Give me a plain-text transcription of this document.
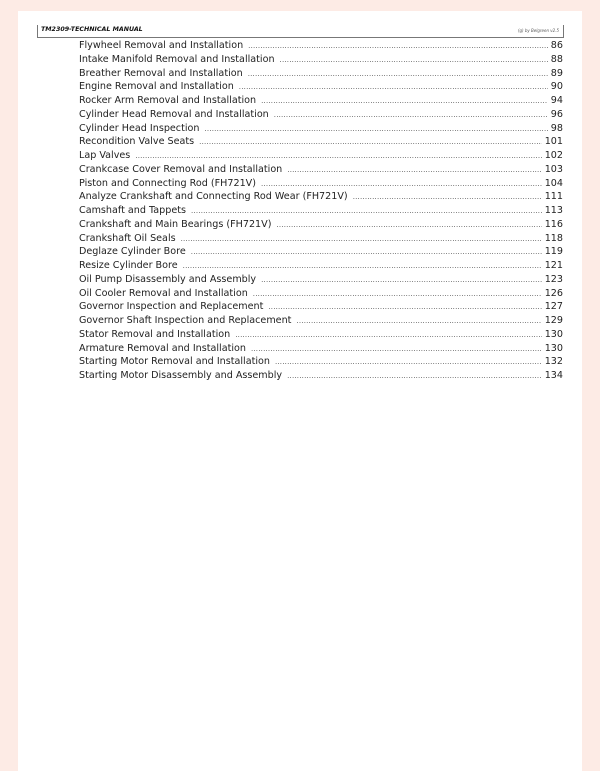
TM2309-TECHNICAL MANUAL	(g) by Belgreen v2.5
Flywheel Removal and Installation .....	86
Intake Manifold Removal and Installation .....	88
Breather Removal and Installation .....	89
Engine Removal and Installation .....	90
Rocker Arm Removal and Installation .....	94
Cylinder Head Removal and Installation .....	96
Cylinder Head Inspection .....	98
Recondition Valve Seats .....	101
Lap Valves .....	102
Crankcase Cover Removal and Installation .....	103
Piston and Connecting Rod (FH721V) .....	104
Analyze Crankshaft and Connecting Rod Wear (FH721V) .....	111
Camshaft and Tappets .....	113
Crankshaft and Main Bearings (FH721V) .....	116
Crankshaft Oil Seals .....	118
Deglaze Cylinder Bore .....	119
Resize Cylinder Bore .....	121
Oil Pump Disassembly and Assembly .....	123
Oil Cooler Removal and Installation .....	126
Governor Inspection and Replacement .....	127
Governor Shaft Inspection and Replacement .....	129
Stator Removal and Installation .....	130
Armature Removal and Installation .....	130
Starting Motor Removal and Installation .....	132
Starting Motor Disassembly and Assembly .....	134
